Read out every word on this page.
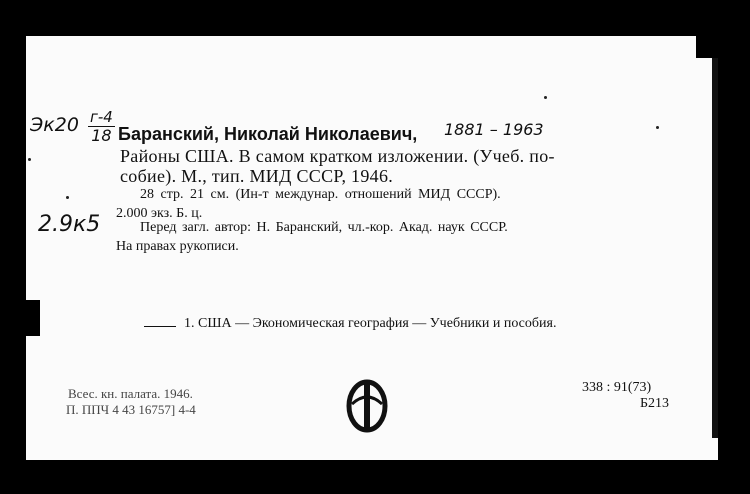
Эк20 г-4
18 Баранский, Николай Николаевич, 1881 – 1963
Районы США. В самом кратком изложении. (Учеб. по-
собие). М., тип. МИД СССР, 1946.
28 стр. 21 см. (Ин-т междунар. отношений МИД СССР).
2.000 экз. Б. ц.
Перед загл. автор: Н. Баранский, чл.-кор. Акад. наук СССР.
На правах рукописи.
2.9к5
1. США — Экономическая география — Учебники и пособия.
Всес. кн. палата. 1946.
П. ППЧ 4 43 16757] 4-4
338 : 91(73)
Б213
